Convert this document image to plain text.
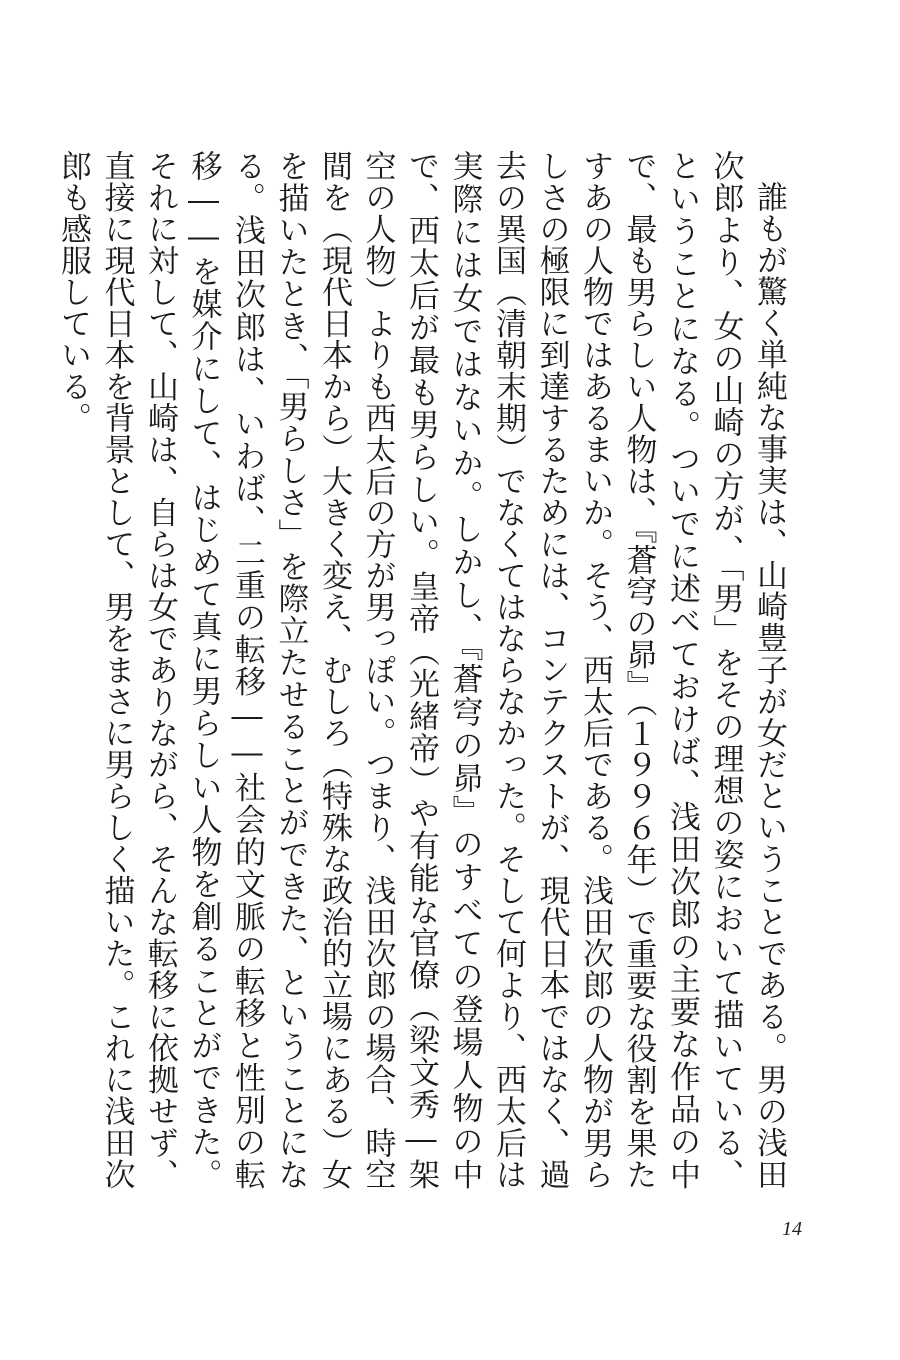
誰もが驚く単純な事実は、山崎豊子が女だということである。男の浅田次郎より、女の山崎の方が、「男」をその理想の姿において描いている、ということになる。ついでに述べておけば、浅田次郎の主要な作品の中で、最も男らしい人物は、『蒼穹の昴』（１９９６年）で重要な役割を果たすあの人物ではあるまいか。そう、西太后である。浅田次郎の人物が男らしさの極限に到達するためには、コンテクストが、現代日本ではなく、過去の異国（清朝末期）でなくてはならなかった。そして何より、西太后は実際には女ではないか。しかし、『蒼穹の昴』のすべての登場人物の中で、西太后が最も男らしい。皇帝（光緒帝）や有能な官僚（梁文秀―架空の人物）よりも西太后の方が男っぽい。つまり、浅田次郎の場合、時空間を（現代日本から）大きく変え、むしろ（特殊な政治的立場にある）女を描いたとき、「男らしさ」を際立たせることができた、ということになる。浅田次郎は、いわば、二重の転移――社会的文脈の転移と性別の転移――を媒介にして、はじめて真に男らしい人物を創ることができた。それに対して、山崎は、自らは女でありながら、そんな転移に依拠せず、直接に現代日本を背景として、男をまさに男らしく描いた。これに浅田次郎も感服している。

14
